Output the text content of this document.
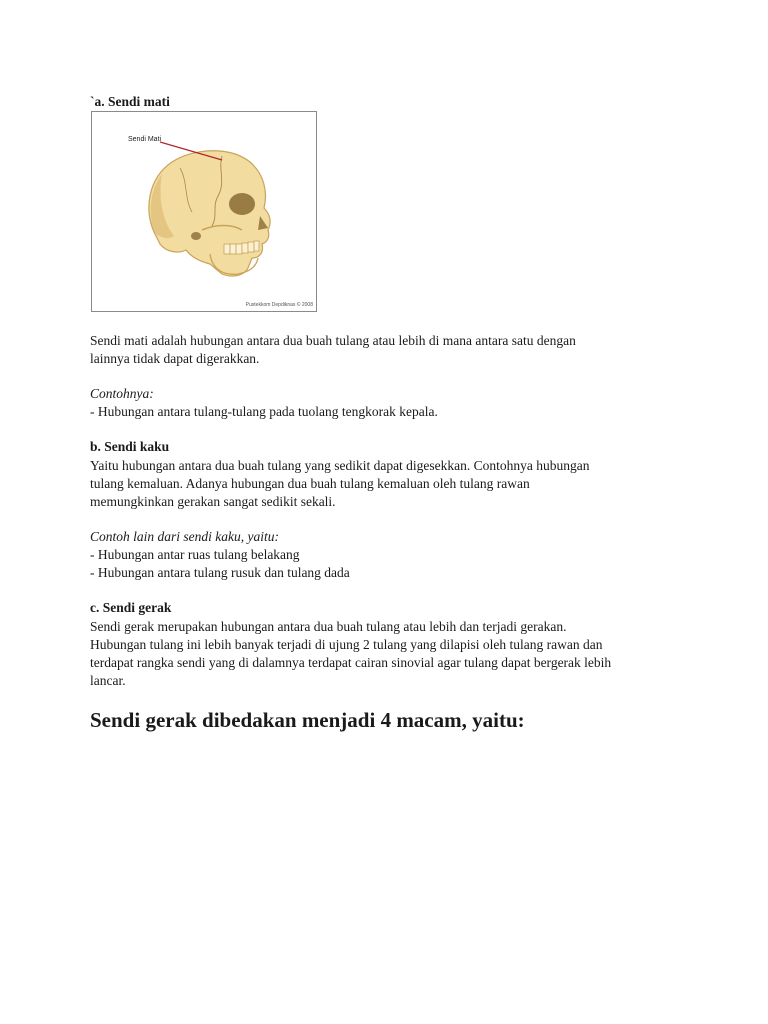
`a. Sendi mati
Sendi Mati
Pustekkom Depdiknas © 2008
Sendi mati adalah hubungan antara dua buah tulang atau lebih di mana antara satu dengan
lainnya tidak dapat digerakkan.
Contohnya:
- Hubungan antara tulang-tulang pada tuolang tengkorak kepala.
b. Sendi kaku
Yaitu hubungan antara dua buah tulang yang sedikit dapat digesekkan. Contohnya hubungan
tulang kemaluan. Adanya hubungan dua buah tulang kemaluan oleh tulang rawan
memungkinkan gerakan sangat sedikit sekali.
Contoh lain dari sendi kaku, yaitu:
- Hubungan antar ruas tulang belakang
- Hubungan antara tulang rusuk dan tulang dada
c. Sendi gerak
Sendi gerak merupakan hubungan antara dua buah tulang atau lebih dan terjadi gerakan.
Hubungan tulang ini lebih banyak terjadi di ujung 2 tulang yang dilapisi oleh tulang rawan dan
terdapat rangka sendi yang di dalamnya terdapat cairan sinovial agar tulang dapat bergerak lebih
lancar.
Sendi gerak dibedakan menjadi 4 macam, yaitu:
